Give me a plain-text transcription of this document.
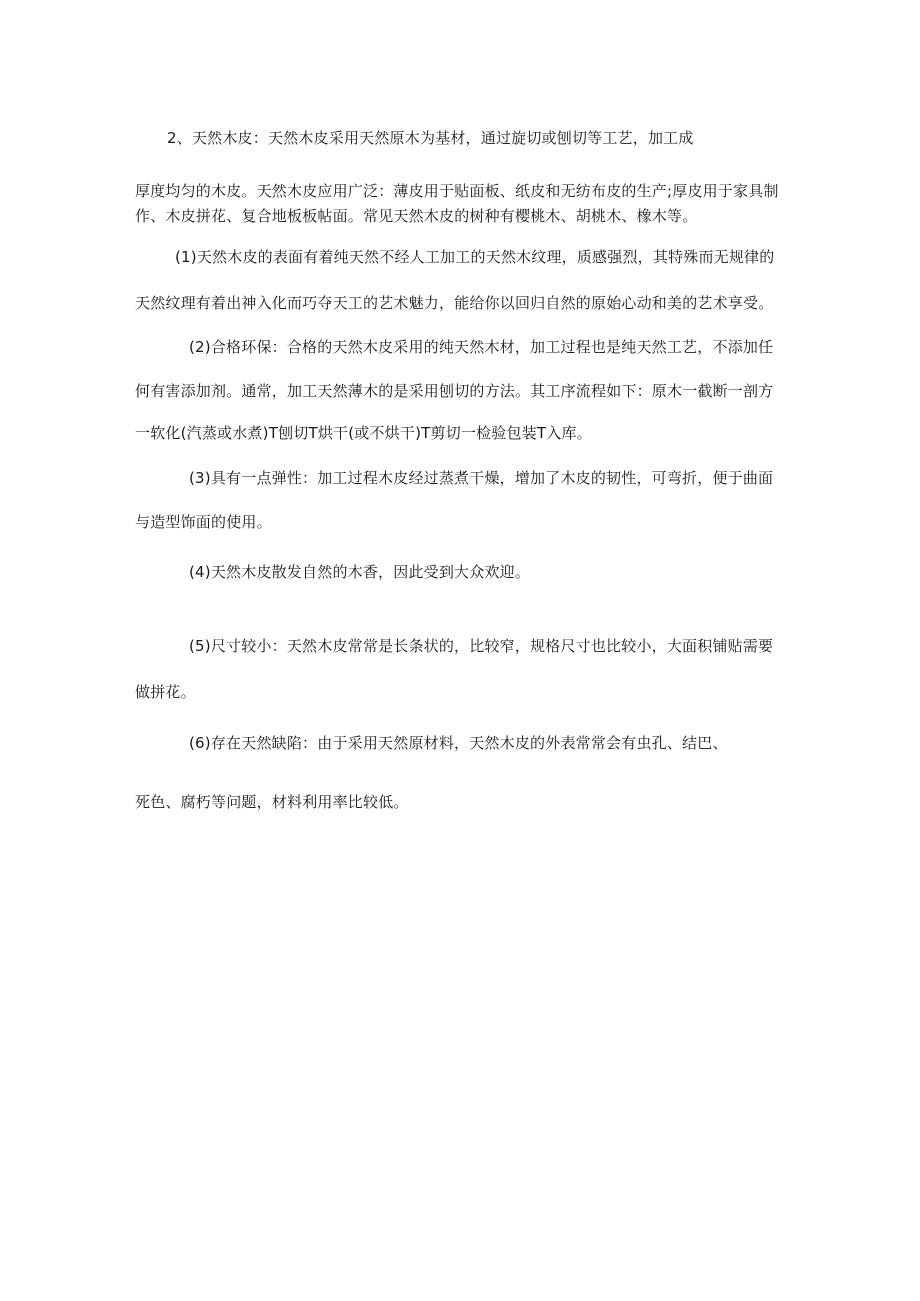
2、天然木皮：天然木皮采用天然原木为基材，通过旋切或刨切等工艺，加工成
厚度均匀的木皮。天然木皮应用广泛：薄皮用于贴面板、纸皮和无纺布皮的生产;厚皮用于家具制
作、木皮拼花、复合地板板帖面。常见天然木皮的树种有樱桃木、胡桃木、橡木等。
(1)天然木皮的表面有着纯天然不经人工加工的天然木纹理，质感强烈，其特殊而无规律的
天然纹理有着出神入化而巧夺天工的艺术魅力，能给你以回归自然的原始心动和美的艺术享受。
(2)合格环保：合格的天然木皮采用的纯天然木材，加工过程也是纯天然工艺，不添加任
何有害添加剂。通常，加工天然薄木的是采用刨切的方法。其工序流程如下：原木一截断一剖方
一软化(汽蒸或水煮)T刨切T烘干(或不烘干)T剪切一检验包装T入库。
(3)具有一点弹性：加工过程木皮经过蒸煮干燥，增加了木皮的韧性，可弯折，便于曲面
与造型饰面的使用。
(4)天然木皮散发自然的木香，因此受到大众欢迎。
(5)尺寸较小：天然木皮常常是长条状的，比较窄，规格尺寸也比较小，大面积铺贴需要
做拼花。
(6)存在天然缺陷：由于采用天然原材料，天然木皮的外表常常会有虫孔、结巴、
死色、腐朽等问题，材料利用率比较低。
